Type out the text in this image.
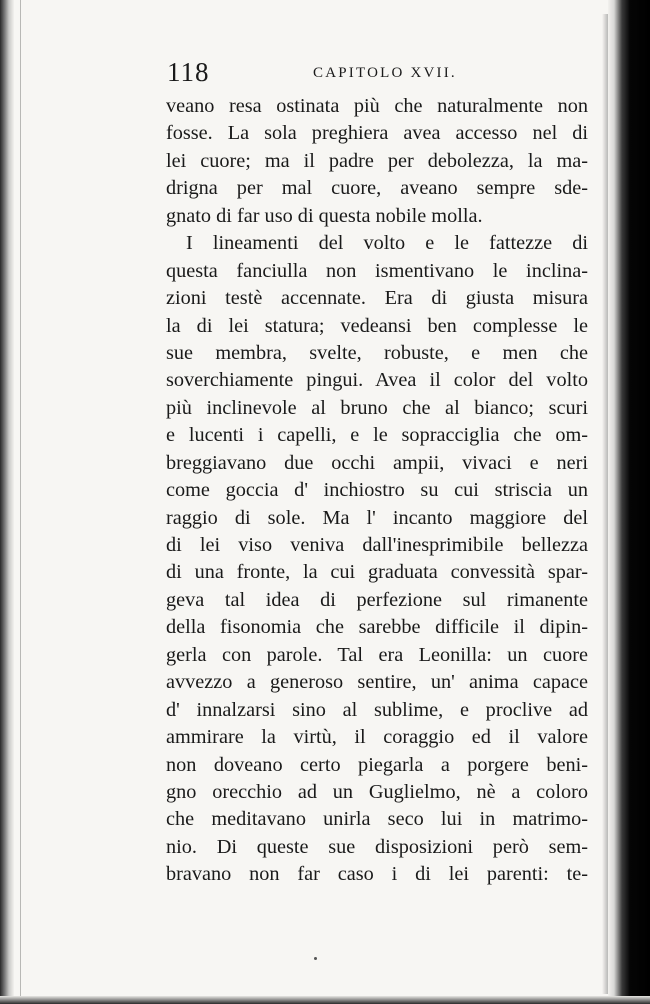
118	CAPITOLO XVII.
veano resa ostinata più che naturalmente non
fosse. La sola preghiera avea accesso nel di
lei cuore; ma il padre per debolezza, la ma-
drigna per mal cuore, aveano sempre sde-
gnato di far uso di questa nobile molla.
I lineamenti del volto e le fattezze di
questa fanciulla non ismentivano le inclina-
zioni testè accennate. Era di giusta misura
la di lei statura; vedeansi ben complesse le
sue membra, svelte, robuste, e men che
soverchiamente pingui. Avea il color del volto
più inclinevole al bruno che al bianco; scuri
e lucenti i capelli, e le sopracciglia che om-
breggiavano due occhi ampii, vivaci e neri
come goccia d' inchiostro su cui striscia un
raggio di sole. Ma l' incanto maggiore del
di lei viso veniva dall'inesprimibile bellezza
di una fronte, la cui graduata convessità spar-
geva tal idea di perfezione sul rimanente
della fisonomia che sarebbe difficile il dipin-
gerla con parole. Tal era Leonilla: un cuore
avvezzo a generoso sentire, un' anima capace
d' innalzarsi sino al sublime, e proclive ad
ammirare la virtù, il coraggio ed il valore
non doveano certo piegarla a porgere beni-
gno orecchio ad un Guglielmo, nè a coloro
che meditavano unirla seco lui in matrimo-
nio. Di queste sue disposizioni però sem-
bravano non far caso i di lei parenti: te-
